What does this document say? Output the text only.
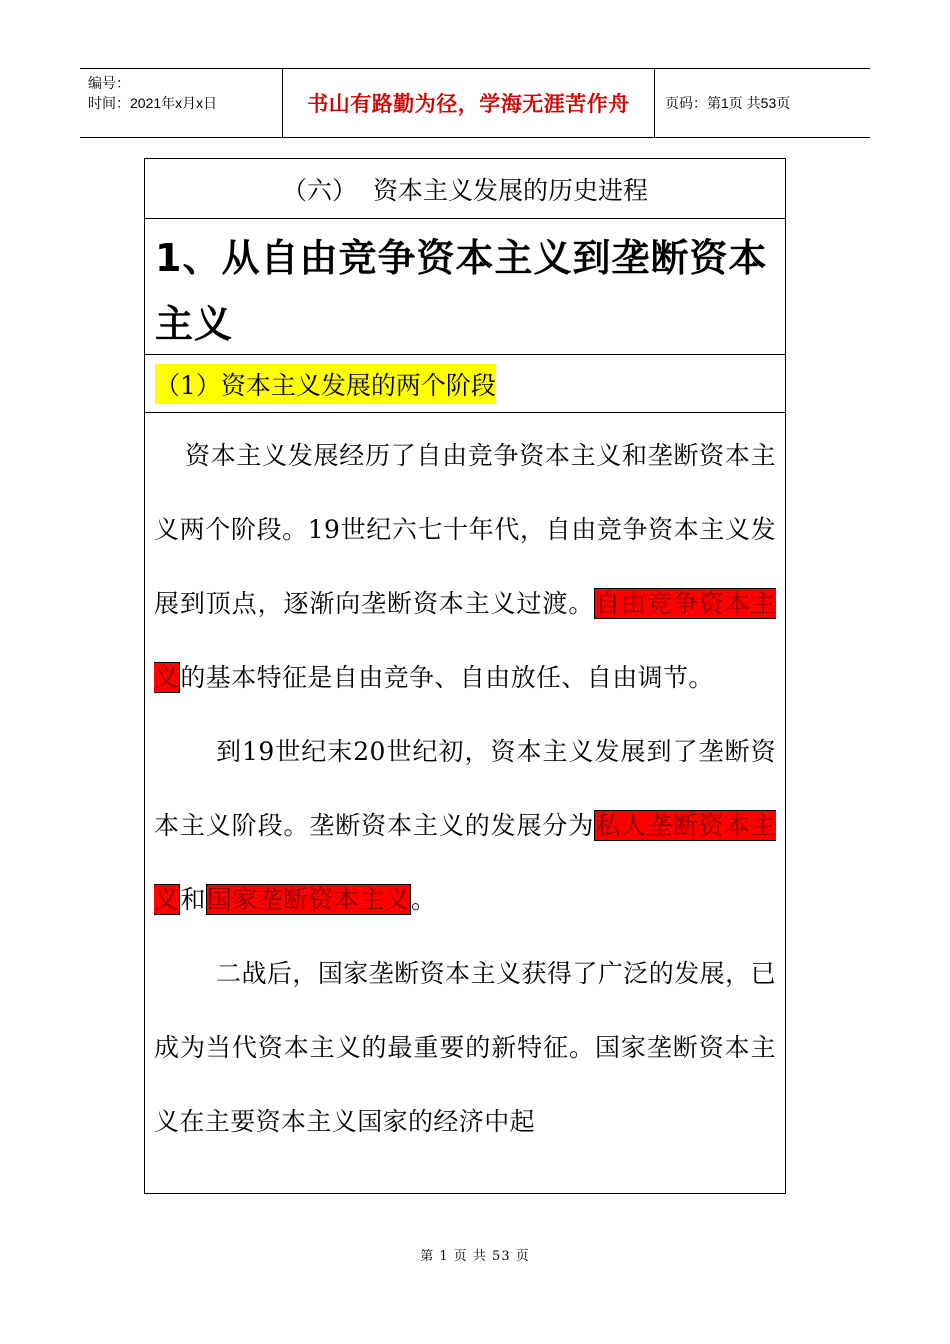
编号：
时间：2021年x月x日	书山有路勤为径，学海无涯苦作舟	页码：第1页 共53页
（六）  资本主义发展的历史进程
1、从自由竞争资本主义到垄断资本主义
（1）资本主义发展的两个阶段

资本主义发展经历了自由竞争资本主义和垄断资本主义两个阶段。19世纪六七十年代，自由竞争资本主义发展到顶点，逐渐向垄断资本主义过渡。自由竞争资本主义的基本特征是自由竞争、自由放任、自由调节。

到19世纪末20世纪初，资本主义发展到了垄断资本主义阶段。垄断资本主义的发展分为私人垄断资本主义和国家垄断资本主义。

二战后，国家垄断资本主义获得了广泛的发展，已成为当代资本主义的最重要的新特征。国家垄断资本主义在主要资本主义国家的经济中起

第 1 页 共 53 页
